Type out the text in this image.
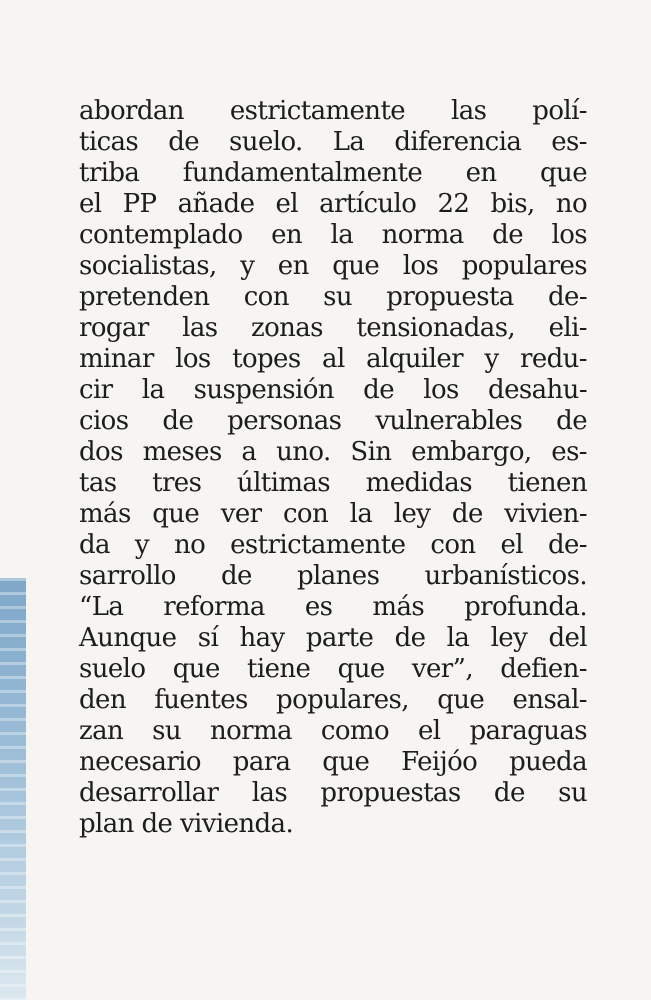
abordan estrictamente las polí-
ticas de suelo. La diferencia es-
triba fundamentalmente en que
el PP añade el artículo 22 bis, no
contemplado en la norma de los
socialistas, y en que los populares
pretenden con su propuesta de-
rogar las zonas tensionadas, eli-
minar los topes al alquiler y redu-
cir la suspensión de los desahu-
cios de personas vulnerables de
dos meses a uno. Sin embargo, es-
tas tres últimas medidas tienen
más que ver con la ley de vivien-
da y no estrictamente con el de-
sarrollo de planes urbanísticos.
“La reforma es más profunda.
Aunque sí hay parte de la ley del
suelo que tiene que ver”, defien-
den fuentes populares, que ensal-
zan su norma como el paraguas
necesario para que Feijóo pueda
desarrollar las propuestas de su
plan de vivienda.
